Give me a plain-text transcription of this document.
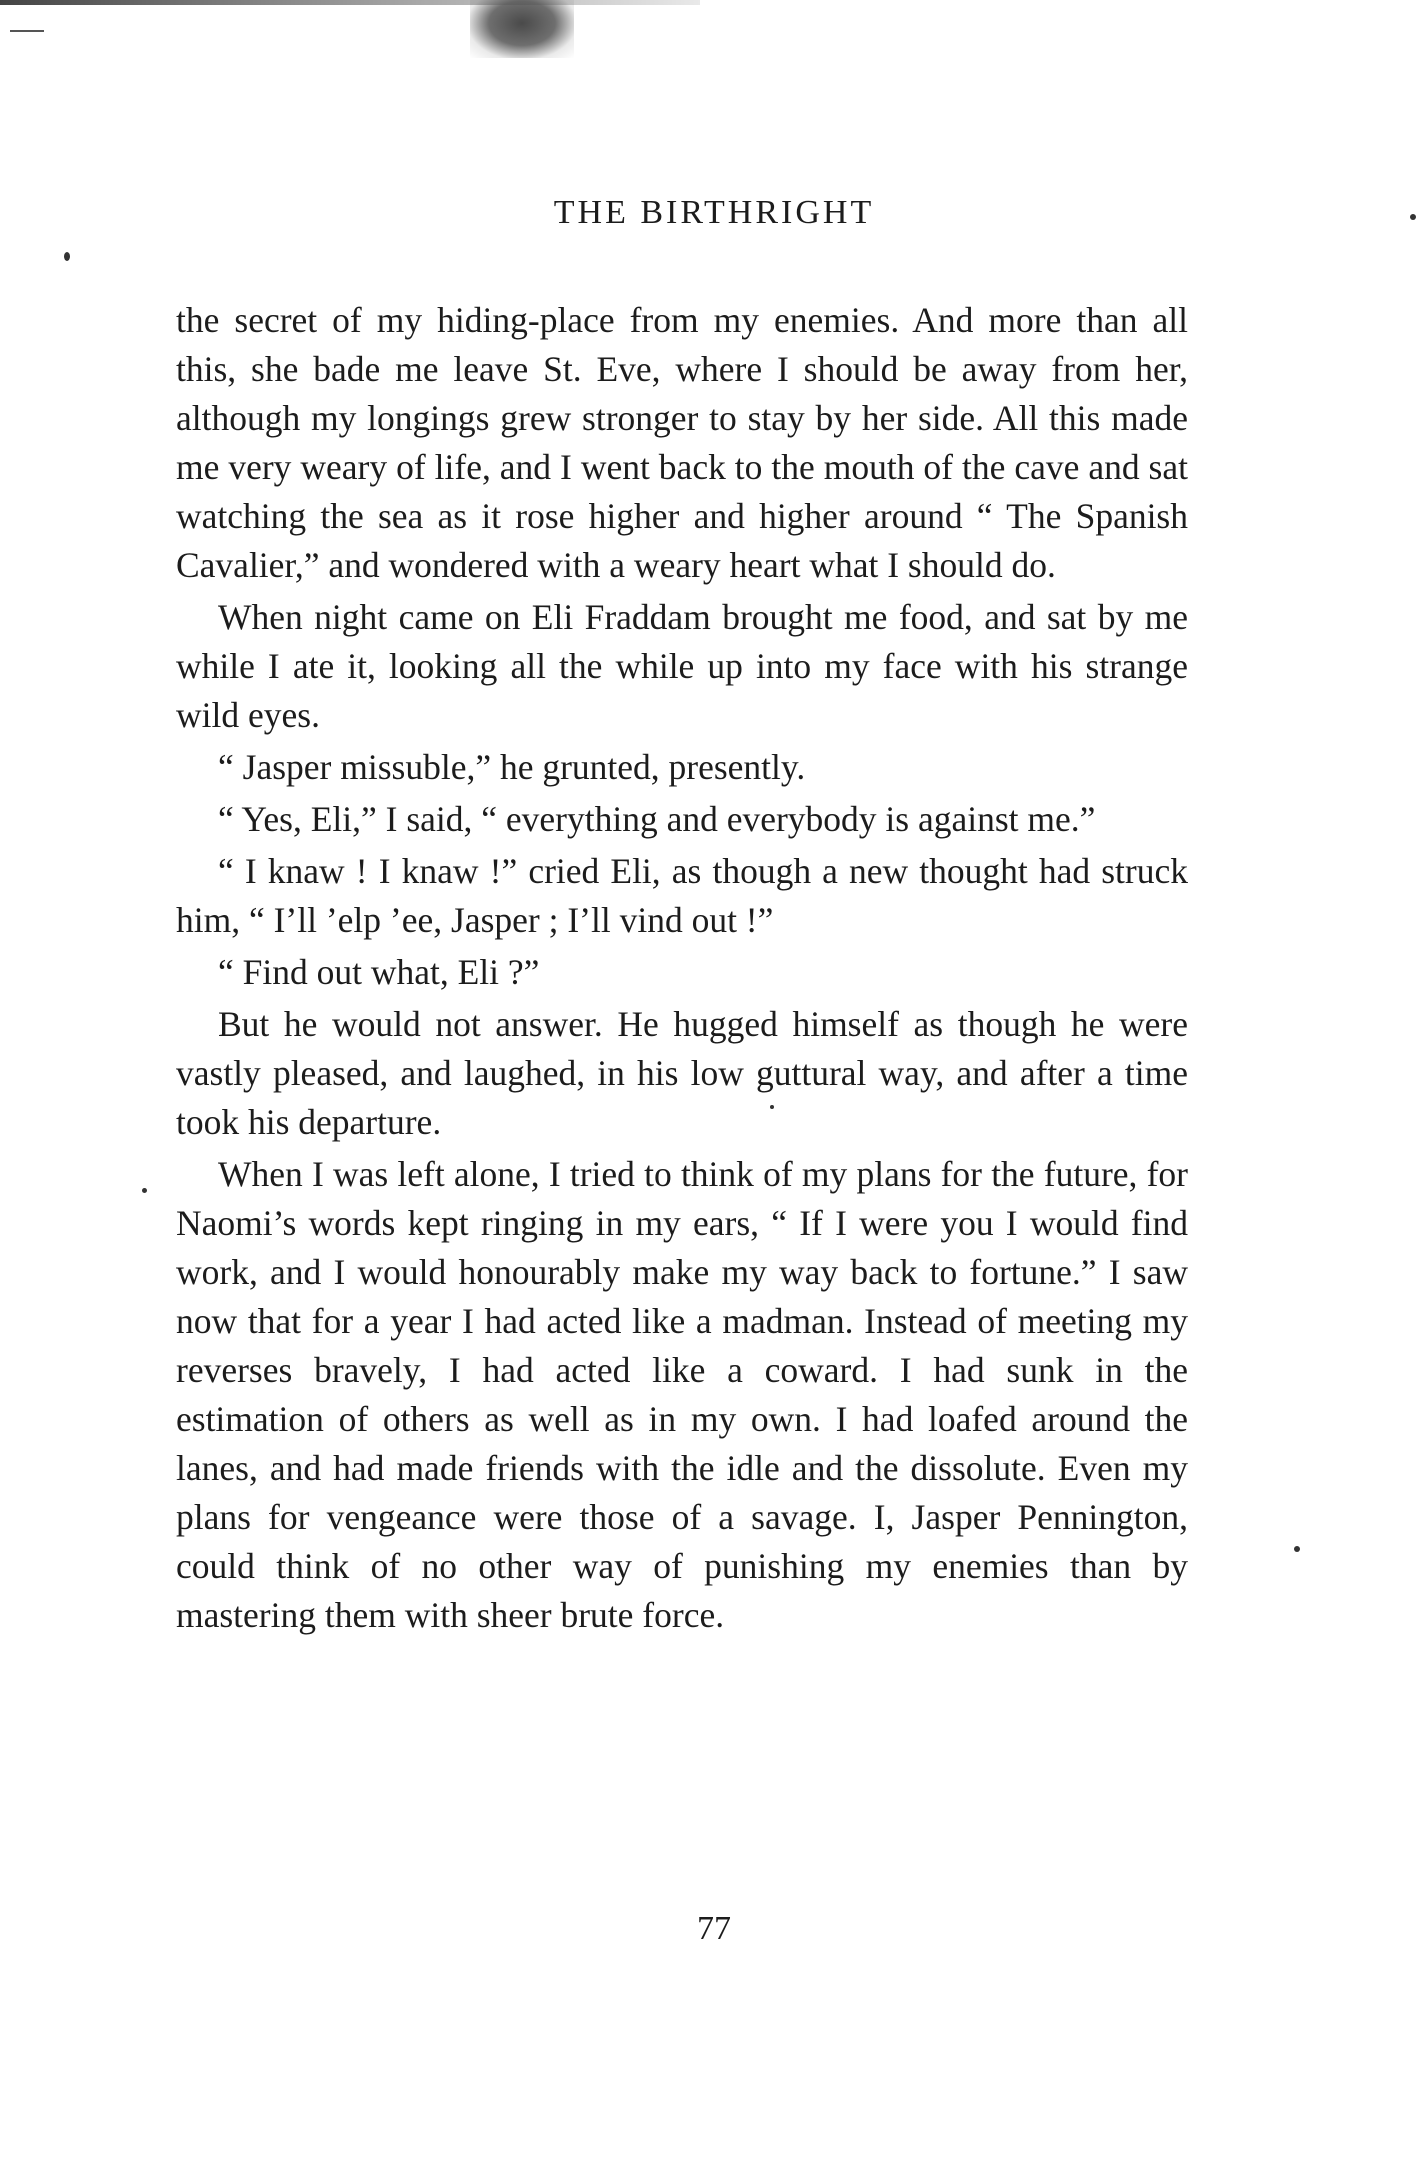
THE BIRTHRIGHT

the secret of my hiding-place from my enemies. And more than all this, she bade me leave St. Eve, where I should be away from her, although my longings grew stronger to stay by her side. All this made me very weary of life, and I went back to the mouth of the cave and sat watching the sea as it rose higher and higher around “ The Spanish Cavalier,” and wondered with a weary heart what I should do.

When night came on Eli Fraddam brought me food, and sat by me while I ate it, looking all the while up into my face with his strange wild eyes.

“ Jasper missuble,” he grunted, presently.

“ Yes, Eli,” I said, “ everything and everybody is against me.”

“ I knaw ! I knaw !” cried Eli, as though a new thought had struck him, “ I’ll ’elp ’ee, Jasper ; I’ll vind out !”

“ Find out what, Eli ?”

But he would not answer. He hugged himself as though he were vastly pleased, and laughed, in his low guttural way, and after a time took his departure.

When I was left alone, I tried to think of my plans for the future, for Naomi’s words kept ringing in my ears, “ If I were you I would find work, and I would honourably make my way back to fortune.” I saw now that for a year I had acted like a madman. Instead of meeting my reverses bravely, I had acted like a coward. I had sunk in the estimation of others as well as in my own. I had loafed around the lanes, and had made friends with the idle and the dissolute. Even my plans for vengeance were those of a savage. I, Jasper Pennington, could think of no other way of punishing my enemies than by mastering them with sheer brute force.

77
